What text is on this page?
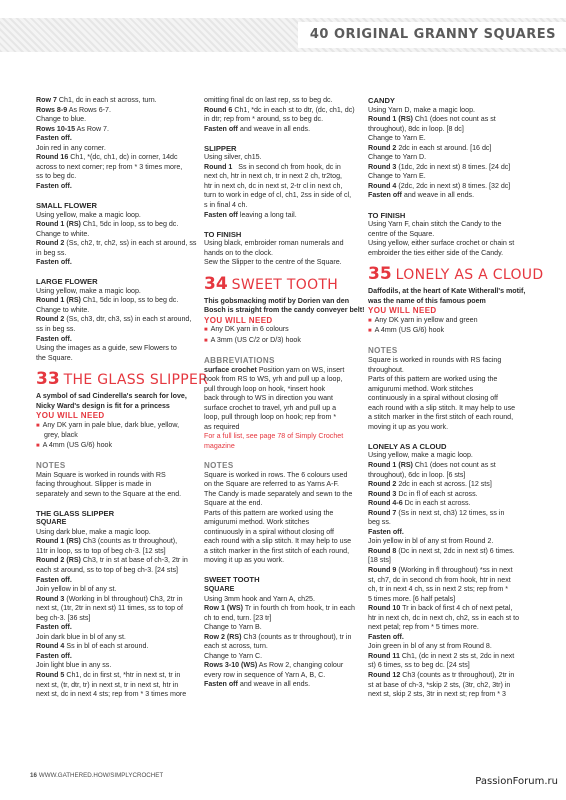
40 ORIGINAL GRANNY SQUARES
Row 7 Ch1, dc in each st across, turn.
Rows 8-9 As Rows 6-7.
Change to blue.
Rows 10-15 As Row 7.
Fasten off.
Join red in any corner.
Round 16 Ch1, *(dc, ch1, dc) in corner, 14dc
across to next corner; rep from * 3 times more,
ss to beg dc.
Fasten off.
SMALL FLOWER
Using yellow, make a magic loop.
Round 1 (RS) Ch1, 5dc in loop, ss to beg dc.
Change to white.
Round 2 (Ss, ch2, tr, ch2, ss) in each st around, ss
in beg ss.
Fasten off.
LARGE FLOWER
Using yellow, make a magic loop.
Round 1 (RS) Ch1, 5dc in loop, ss to beg dc.
Change to white.
Round 2 (Ss, ch3, dtr, ch3, ss) in each st around,
ss in beg ss.
Fasten off.
Using the images as a guide, sew Flowers to
the Square.
33 THE GLASS SLIPPER
A symbol of sad Cinderella's search for love,
Nicky Ward's design is fit for a princess
YOU WILL NEED
■ Any DK yarn in pale blue, dark blue, yellow,
grey, black
■ A 4mm (US G/6) hook
NOTES
Main Square is worked in rounds with RS
facing throughout. Slipper is made in
separately and sewn to the Square at the end.
THE GLASS SLIPPER
SQUARE
Using dark blue, make a magic loop.
Round 1 (RS) Ch3 (counts as tr throughout),
11tr in loop, ss to top of beg ch-3. [12 sts]
Round 2 (RS) Ch3, tr in st at base of ch-3, 2tr in
each st around, ss to top of beg ch-3. [24 sts]
Fasten off.
Join yellow in bl of any st.
Round 3 (Working in bl throughout) Ch3, 2tr in
next st, (1tr, 2tr in next st) 11 times, ss to top of
beg ch-3. [36 sts]
Fasten off.
Join dark blue in bl of any st.
Round 4 Ss in bl of each st around.
Fasten off.
Join light blue in any ss.
Round 5 Ch1, dc in first st, *htr in next st, tr in
next st, (tr, dtr, tr) in next st, tr in next st, htr in
next st, dc in next 4 sts; rep from * 3 times more
omitting final dc on last rep, ss to beg dc.
Round 6 Ch1, *dc in each st to dtr, (dc, ch1, dc)
in dtr; rep from * around, ss to beg dc.
Fasten off and weave in all ends.
SLIPPER
Using silver, ch15.
Round 1   Ss in second ch from hook, dc in
next ch, htr in next ch, tr in next 2 ch, tr2tog,
htr in next ch, dc in next st, 2-tr cl in next ch,
turn to work in edge of cl, ch1, 2ss in side of cl,
s in final 4 ch.
Fasten off leaving a long tail.
TO FINISH
Using black, embroider roman numerals and
hands on to the clock.
Sew the Slipper to the centre of the Square.
34 SWEET TOOTH
This gobsmacking motif by Dorien van den
Bosch is straight from the candy conveyer belt!
YOU WILL NEED
■ Any DK yarn in 6 colours
■ A 3mm (US C/2 or D/3) hook
ABBREVIATIONS
surface crochet Position yarn on WS, insert
hook from RS to WS, yrh and pull up a loop,
pull through loop on hook, *insert hook
back through to WS in direction you want
surface crochet to travel, yrh and pull up a
loop, pull through loop on hook; rep from *
as required
For a full list, see page 78 of Simply Crochet
magazine
NOTES
Square is worked in rows. The 6 colours used
on the Square are referred to as Yarns A-F.
The Candy is made separately and sewn to the
Square at the end.
Parts of this pattern are worked using the
amigurumi method. Work stitches
continuously in a spiral without closing off
each round with a slip stitch. It may help to use
a stitch marker in the first stitch of each round,
moving it up as you work.
SWEET TOOTH
SQUARE
Using 3mm hook and Yarn A, ch25.
Row 1 (WS) Tr in fourth ch from hook, tr in each
ch to end, turn. [23 tr]
Change to Yarn B.
Row 2 (RS) Ch3 (counts as tr throughout), tr in
each st across, turn.
Change to Yarn C.
Rows 3-10 (WS) As Row 2, changing colour
every row in sequence of Yarn A, B, C.
Fasten off and weave in all ends.
CANDY
Using Yarn D, make a magic loop.
Round 1 (RS) Ch1 (does not count as st
throughout), 8dc in loop. [8 dc]
Change to Yarn E.
Round 2 2dc in each st around. [16 dc]
Change to Yarn D.
Round 3 (1dc, 2dc in next st) 8 times. [24 dc]
Change to Yarn E.
Round 4 (2dc, 2dc in next st) 8 times. [32 dc]
Fasten off and weave in all ends.
TO FINISH
Using Yarn F, chain stitch the Candy to the
centre of the Square.
Using yellow, either surface crochet or chain st
embroider the ties either side of the Candy.
35 LONELY AS A CLOUD
Daffodils, at the heart of Kate Witherall's motif,
was the name of this famous poem
YOU WILL NEED
■ Any DK yarn in yellow and green
■ A 4mm (US G/6) hook
NOTES
Square is worked in rounds with RS facing
throughout.
Parts of this pattern are worked using the
amigurumi method. Work stitches
continuously in a spiral without closing off
each round with a slip stitch. It may help to use
a stitch marker in the first stitch of each round,
moving it up as you work.
LONELY AS A CLOUD
Using yellow, make a magic loop.
Round 1 (RS) Ch1 (does not count as st
throughout), 6dc in loop. [6 sts]
Round 2 2dc in each st across. [12 sts]
Round 3 Dc in fl of each st across.
Round 4-6 Dc in each st across.
Round 7 (Ss in next st, ch3) 12 times, ss in
beg ss.
Fasten off.
Join yellow in bl of any st from Round 2.
Round 8 (Dc in next st, 2dc in next st) 6 times.
[18 sts]
Round 9 (Working in fl throughout) *ss in next
st, ch7, dc in second ch from hook, htr in next
ch, tr in next 4 ch, ss in next 2 sts; rep from *
5 times more. [6 half petals]
Round 10 Tr in back of first 4 ch of next petal,
htr in next ch, dc in next ch, ch2, ss in each st to
next petal; rep from * 5 times more.
Fasten off.
Join green in bl of any st from Round 8.
Round 11 Ch1, (dc in next 2 sts st, 2dc in next
st) 6 times, ss to beg dc. [24 sts]
Round 12 Ch3 (counts as tr throughout), 2tr in
st at base of ch-3, *skip 2 sts, (3tr, ch2, 3tr) in
next st, skip 2 sts, 3tr in next st; rep from * 3
16 WWW.GATHERED.HOW/SIMPLYCROCHET
PassionForum.ru
